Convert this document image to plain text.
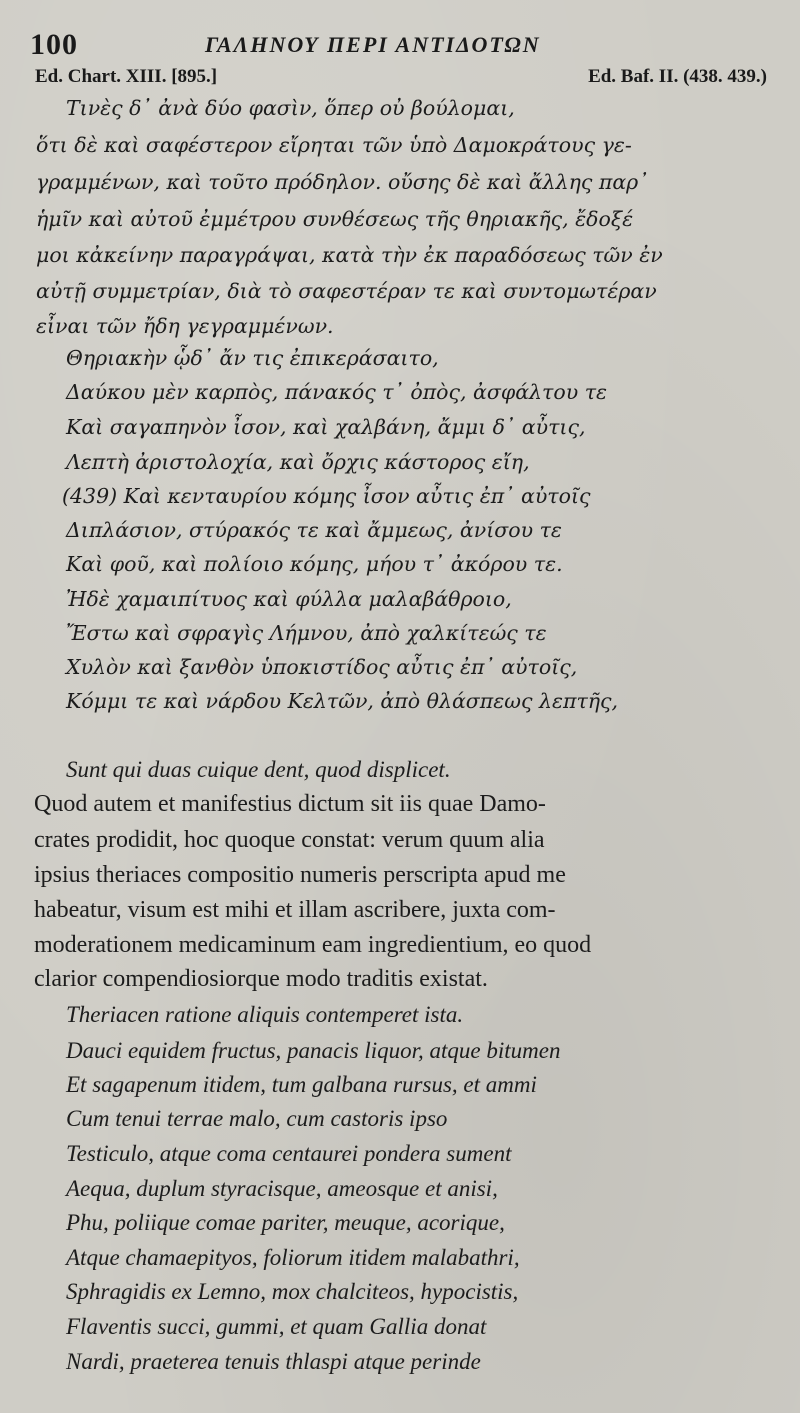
100	ΓΑΛΗΝΟΥ ΠΕΡΙ ΑΝΤΙΔΟΤΩΝ
Ed. Chart. XIII. [895.]	Ed. Baf. II. (438. 439.)
Τινὲς δ᾽ ἀνὰ δύο φασὶν, ὅπερ οὐ βούλομαι,
ὅτι δὲ καὶ σαφέστερον εἴρηται τῶν ὑπὸ Δαμοκράτους γε-
γραμμένων, καὶ τοῦτο πρόδηλον. οὔσης δὲ καὶ ἄλλης παρ᾽
ἡμῖν καὶ αὐτοῦ ἐμμέτρου συνθέσεως τῆς θηριακῆς, ἔδοξέ
μοι κἀκείνην παραγράψαι, κατὰ τὴν ἐκ παραδόσεως τῶν ἐν
αὐτῇ συμμετρίαν, διὰ τὸ σαφεστέραν τε καὶ συντομωτέραν
εἶναι τῶν ἤδη γεγραμμένων.
Θηριακὴν ᾧδ᾽ ἄν τις ἐπικεράσαιτο,
Δαύκου μὲν καρπὸς, πάνακός τ᾽ ὀπὸς, ἀσφάλτου τε
Καὶ σαγαπηνὸν ἶσον, καὶ χαλβάνη, ἄμμι δ᾽ αὖτις,
Λεπτὴ ἀριστολοχία, καὶ ὄρχις κάστορος εἴη,
(439) Καὶ κενταυρίου κόμης ἶσον αὖτις ἐπ᾽ αὐτοῖς
Διπλάσιον, στύρακός τε καὶ ἄμμεως, ἀνίσου τε
Καὶ φοῦ, καὶ πολίοιο κόμης, μήου τ᾽ ἀκόρου τε.
Ἠδὲ χαμαιπίτυος καὶ φύλλα μαλαβάθροιο,
Ἔστω καὶ σφραγὶς Λήμνου, ἀπὸ χαλκίτεώς τε
Χυλὸν καὶ ξανθὸν ὑποκιστίδος αὖτις ἐπ᾽ αὐτοῖς,
Κόμμι τε καὶ νάρδου Κελτῶν, ἀπὸ θλάσπεως λεπτῆς,
Sunt qui duas cuique dent, quod displicet.
Quod autem et manifestius dictum sit iis quae Damo-
crates prodidit, hoc quoque constat: verum quum alia
ipsius theriaces compositio numeris perscripta apud me
habeatur, visum est mihi et illam ascribere, juxta com-
moderationem medicaminum eam ingredientium, eo quod
clarior compendiosiorque modo traditis existat.
Theriacen ratione aliquis contemperet ista.
Dauci equidem fructus, panacis liquor, atque bitumen
Et sagapenum itidem, tum galbana rursus, et ammi
Cum tenui terrae malo, cum castoris ipso
Testiculo, atque coma centaurei pondera sument
Aequa, duplum styracisque, ameosque et anisi,
Phu, poliique comae pariter, meuque, acorique,
Atque chamaepityos, foliorum itidem malabathri,
Sphragidis ex Lemno, mox chalciteos, hypocistis,
Flaventis succi, gummi, et quam Gallia donat
Nardi, praeterea tenuis thlaspi atque perinde
